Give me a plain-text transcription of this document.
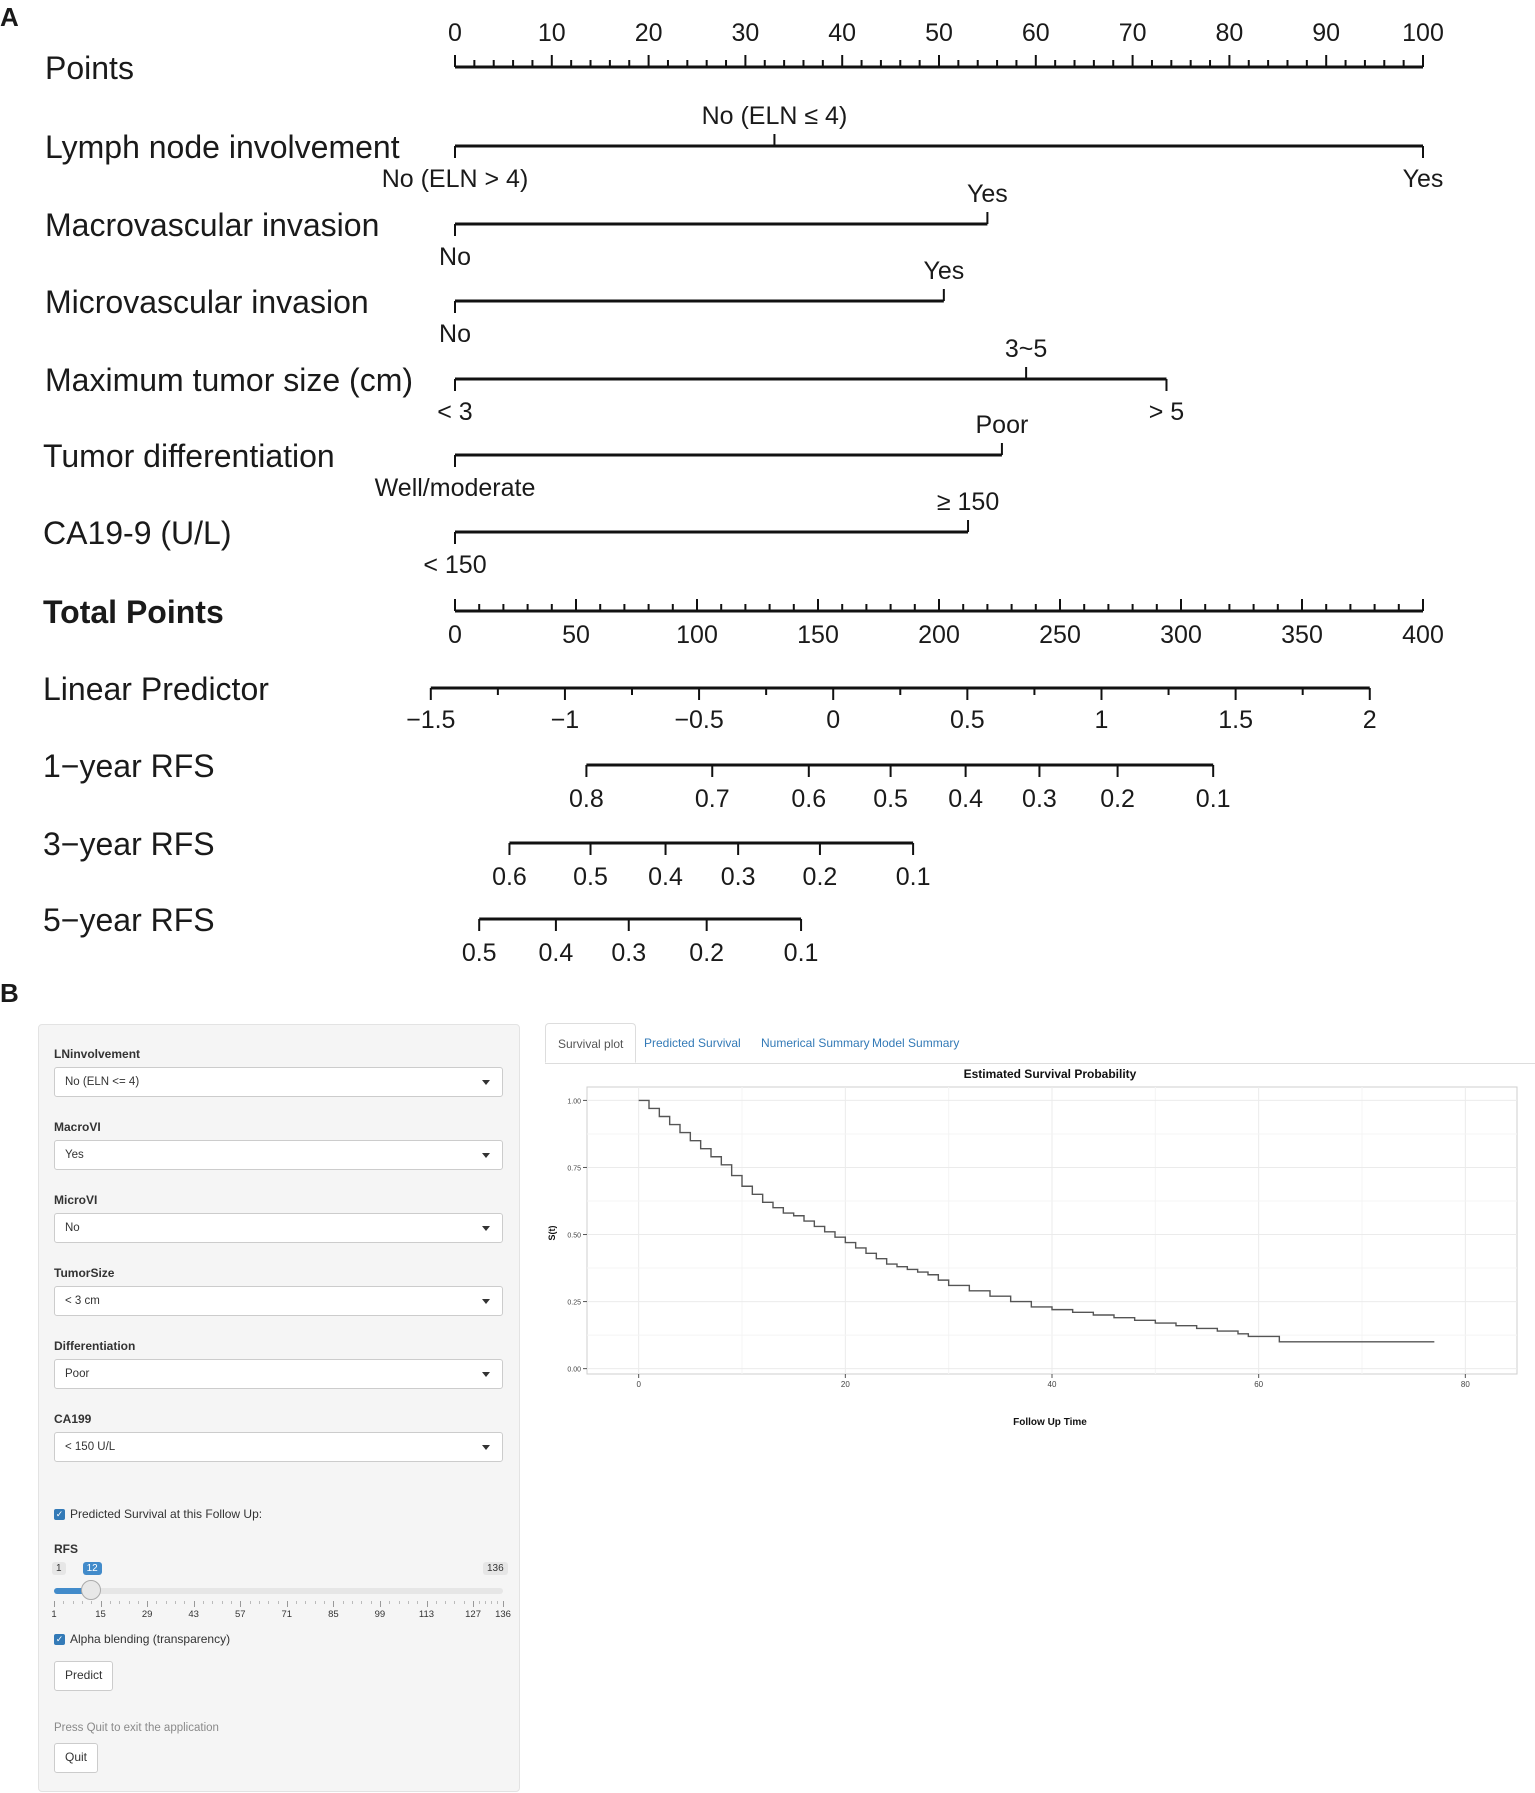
A
Points
0	10	20	30	40	50	60	70	80	90 100
Lymph node involvement
No (ELN > 4)
No (ELN ≤ 4)
Yes
Macrovascular invasion
No
Yes
Microvascular invasion
No
Yes
Maximum tumor size (cm)
< 3
3~5
> 5
Tumor differentiation
Well/moderate
Poor
CA19-9 (U/L)
< 150
≥ 150
Total Points
0	50	100	150	200	250	300	350	400
Linear Predictor
−1.5	−1	−0.5	0	0.5	1	1.5	2
1−year RFS
0.8	0.7 0.6 0.5 0.4 0.3 0.2 0.1
3−year RFS
0.6 0.5 0.4 0.3 0.2 0.1
5−year RFS
0.5 0.4 0.3 0.2 0.1
B
LNinvolvement
No (ELN <= 4)
MacroVI
Yes
MicroVI
No
TumorSize
< 3 cm
Differentiation
Poor
CA199
< 150 U/L
✓ Predicted Survival at this Follow Up:
RFS
1	12	136
1	15	29	43	57	71	85	99	113	127 136
✓ Alpha blending (transparency)
Predict
Press Quit to exit the application
Quit
Survival plot	Predicted Survival	Numerical Summary Model Summary
Estimated Survival Probability
0	20	40	60	80
0.00
0.25
0.50
0.75
1.00
Follow Up Time
S(t)
